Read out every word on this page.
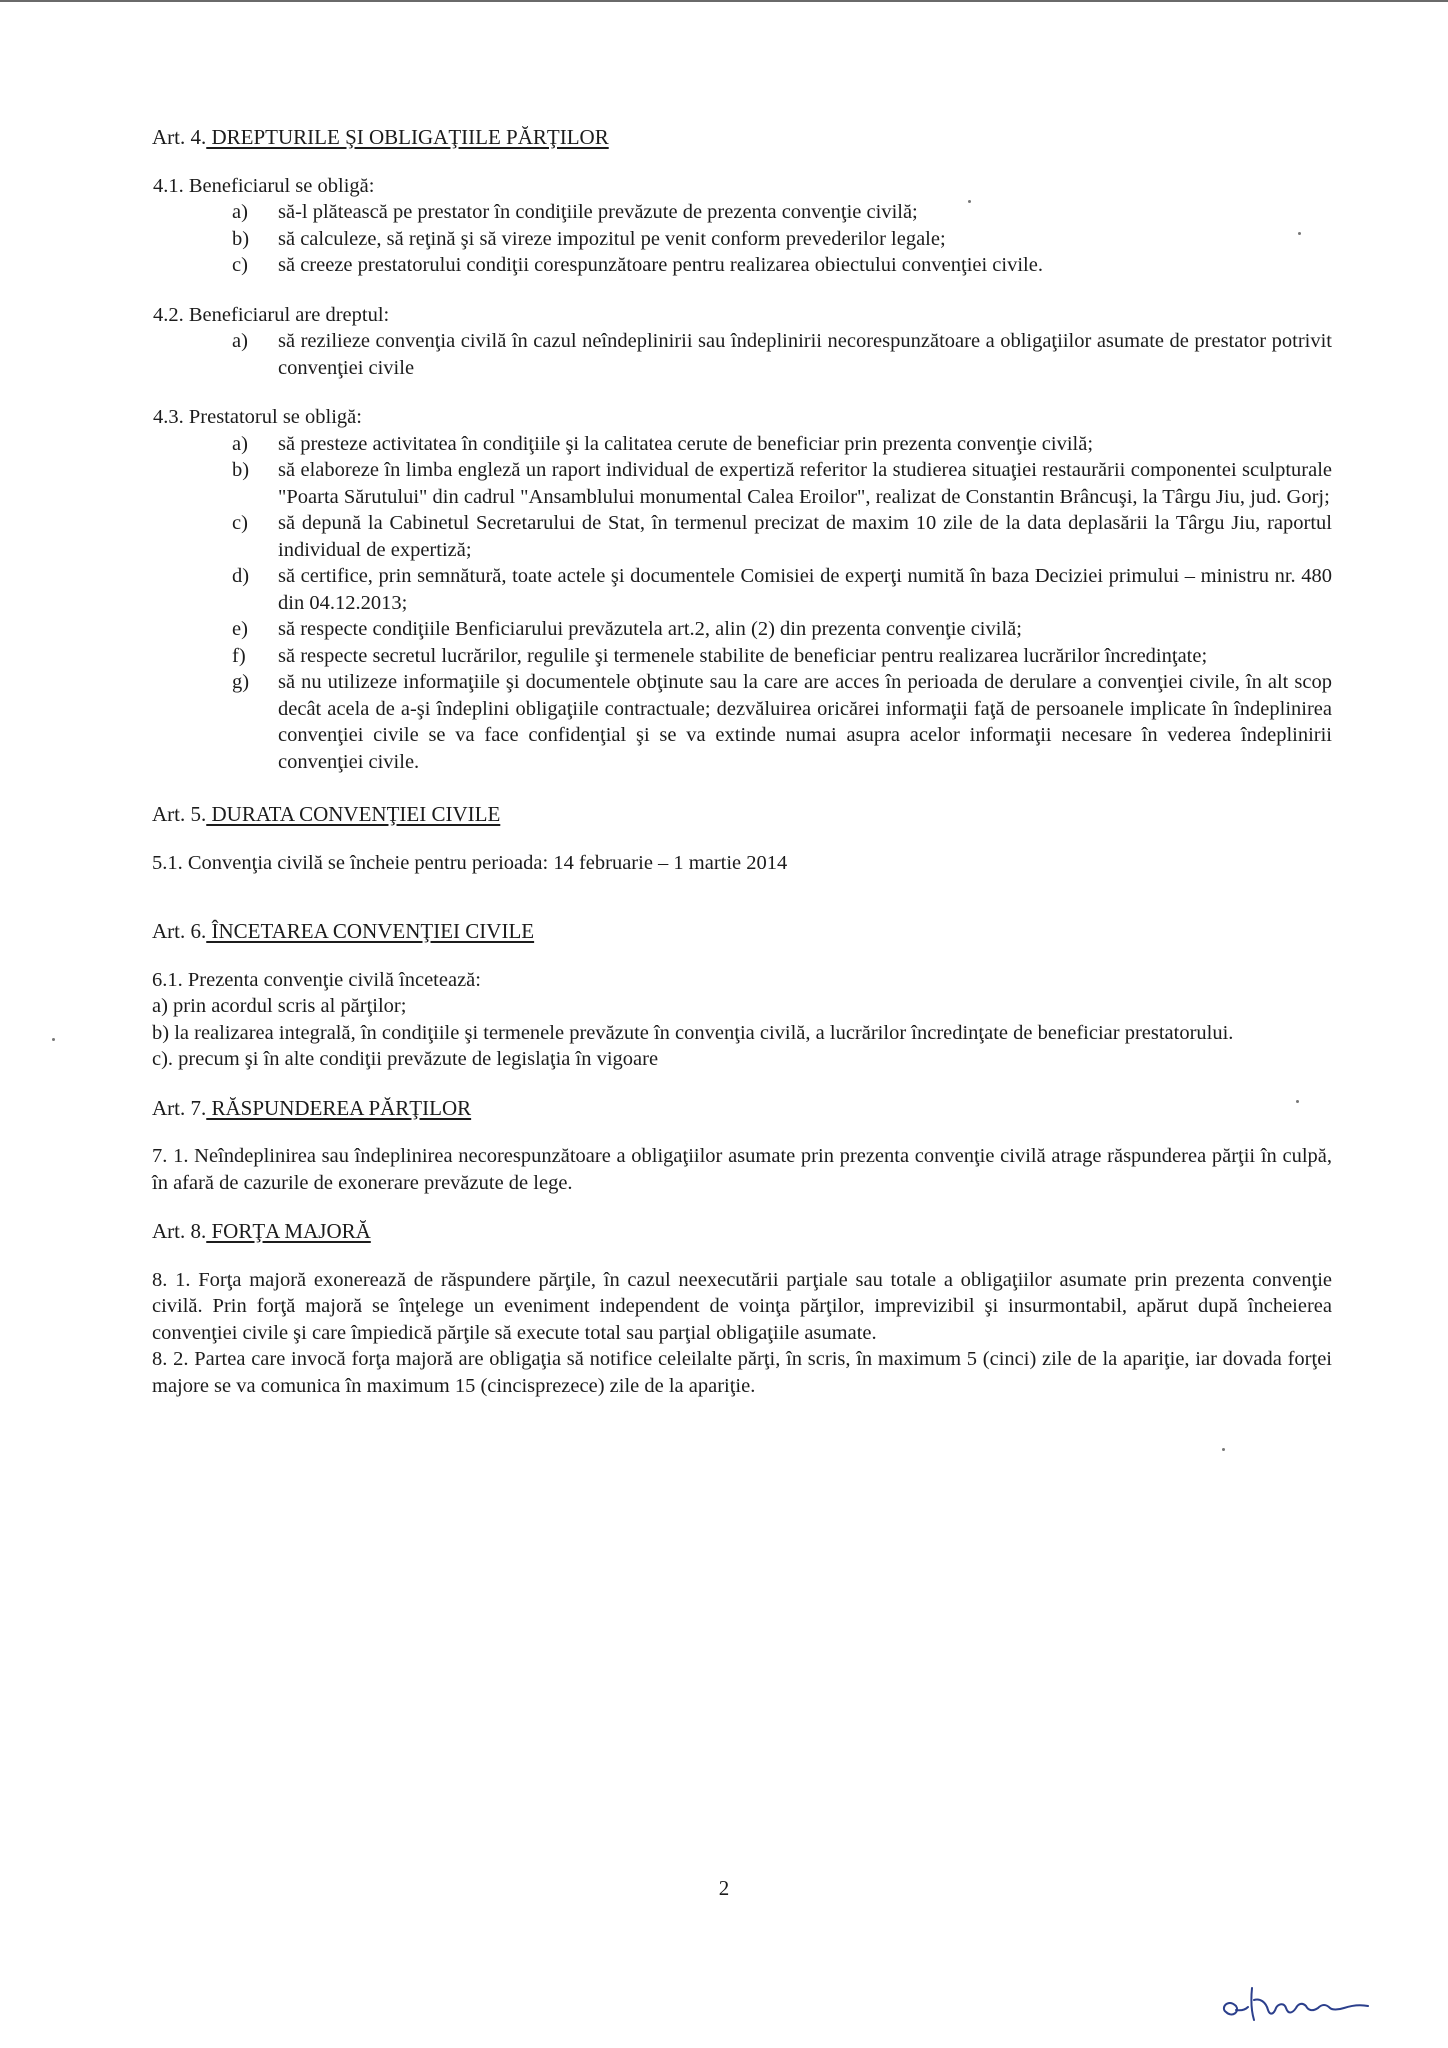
Art. 4. DREPTURILE ŞI OBLIGAŢIILE PĂRŢILOR

4.1. Beneficiarul se obligă:

a) să-l plătească pe prestator în condiţiile prevăzute de prezenta convenţie civilă;
b) să calculeze, să reţină şi să vireze impozitul pe venit conform prevederilor legale;
c) să creeze prestatorului condiţii corespunzătoare pentru realizarea obiectului convenţiei civile.

4.2. Beneficiarul are dreptul:

a) să rezilieze convenţia civilă în cazul neîndeplinirii sau îndeplinirii necorespunzătoare a obligaţiilor asumate de prestator potrivit convenţiei civile

4.3. Prestatorul se obligă:

a) să presteze activitatea în condiţiile şi la calitatea cerute de beneficiar prin prezenta convenţie civilă;
b) să elaboreze în limba engleză un raport individual de expertiză referitor la studierea situaţiei restaurării componentei sculpturale "Poarta Sărutului" din cadrul "Ansamblului monumental Calea Eroilor", realizat de Constantin Brâncuşi, la Târgu Jiu, jud. Gorj;
c) să depună la Cabinetul Secretarului de Stat, în termenul precizat de maxim 10 zile de la data deplasării la Târgu Jiu, raportul individual de expertiză;
d) să certifice, prin semnătură, toate actele şi documentele Comisiei de experţi numită în baza Deciziei primului – ministru nr. 480 din 04.12.2013;
e) să respecte condiţiile Benficiarului prevăzutela art.2, alin (2) din prezenta convenţie civilă;
f) să respecte secretul lucrărilor, regulile şi termenele stabilite de beneficiar pentru realizarea lucrărilor încredinţate;
g) să nu utilizeze informaţiile şi documentele obţinute sau la care are acces în perioada de derulare a convenţiei civile, în alt scop decât acela de a-şi îndeplini obligaţiile contractuale; dezvăluirea oricărei informaţii faţă de persoanele implicate în îndeplinirea convenţiei civile se va face confidenţial şi se va extinde numai asupra acelor informaţii necesare în vederea îndeplinirii convenţiei civile.

Art. 5. DURATA CONVENŢIEI CIVILE

5.1. Convenţia civilă se încheie pentru perioada: 14 februarie – 1 martie 2014

Art. 6. ÎNCETAREA CONVENŢIEI CIVILE

6.1. Prezenta convenţie civilă încetează:

a) prin acordul scris al părţilor;

b) la realizarea integrală, în condiţiile şi termenele prevăzute în convenţia civilă, a lucrărilor încredinţate de beneficiar prestatorului.

c). precum şi în alte condiţii prevăzute de legislaţia în vigoare

Art. 7. RĂSPUNDEREA PĂRŢILOR

7. 1. Neîndeplinirea sau îndeplinirea necorespunzătoare a obligaţiilor asumate prin prezenta convenţie civilă atrage răspunderea părţii în culpă, în afară de cazurile de exonerare prevăzute de lege.

Art. 8. FORŢA MAJORĂ

8. 1. Forţa majoră exonerează de răspundere părţile, în cazul neexecutării parţiale sau totale a obligaţiilor asumate prin prezenta convenţie civilă. Prin forţă majoră se înţelege un eveniment independent de voinţa părţilor, imprevizibil şi insurmontabil, apărut după încheierea convenţiei civile şi care împiedică părţile să execute total sau parţial obligaţiile asumate.

8. 2. Partea care invocă forţa majoră are obligaţia să notifice celeilalte părţi, în scris, în maximum 5 (cinci) zile de la apariţie, iar dovada forţei majore se va comunica în maximum 15 (cincisprezece) zile de la apariţie.

2
